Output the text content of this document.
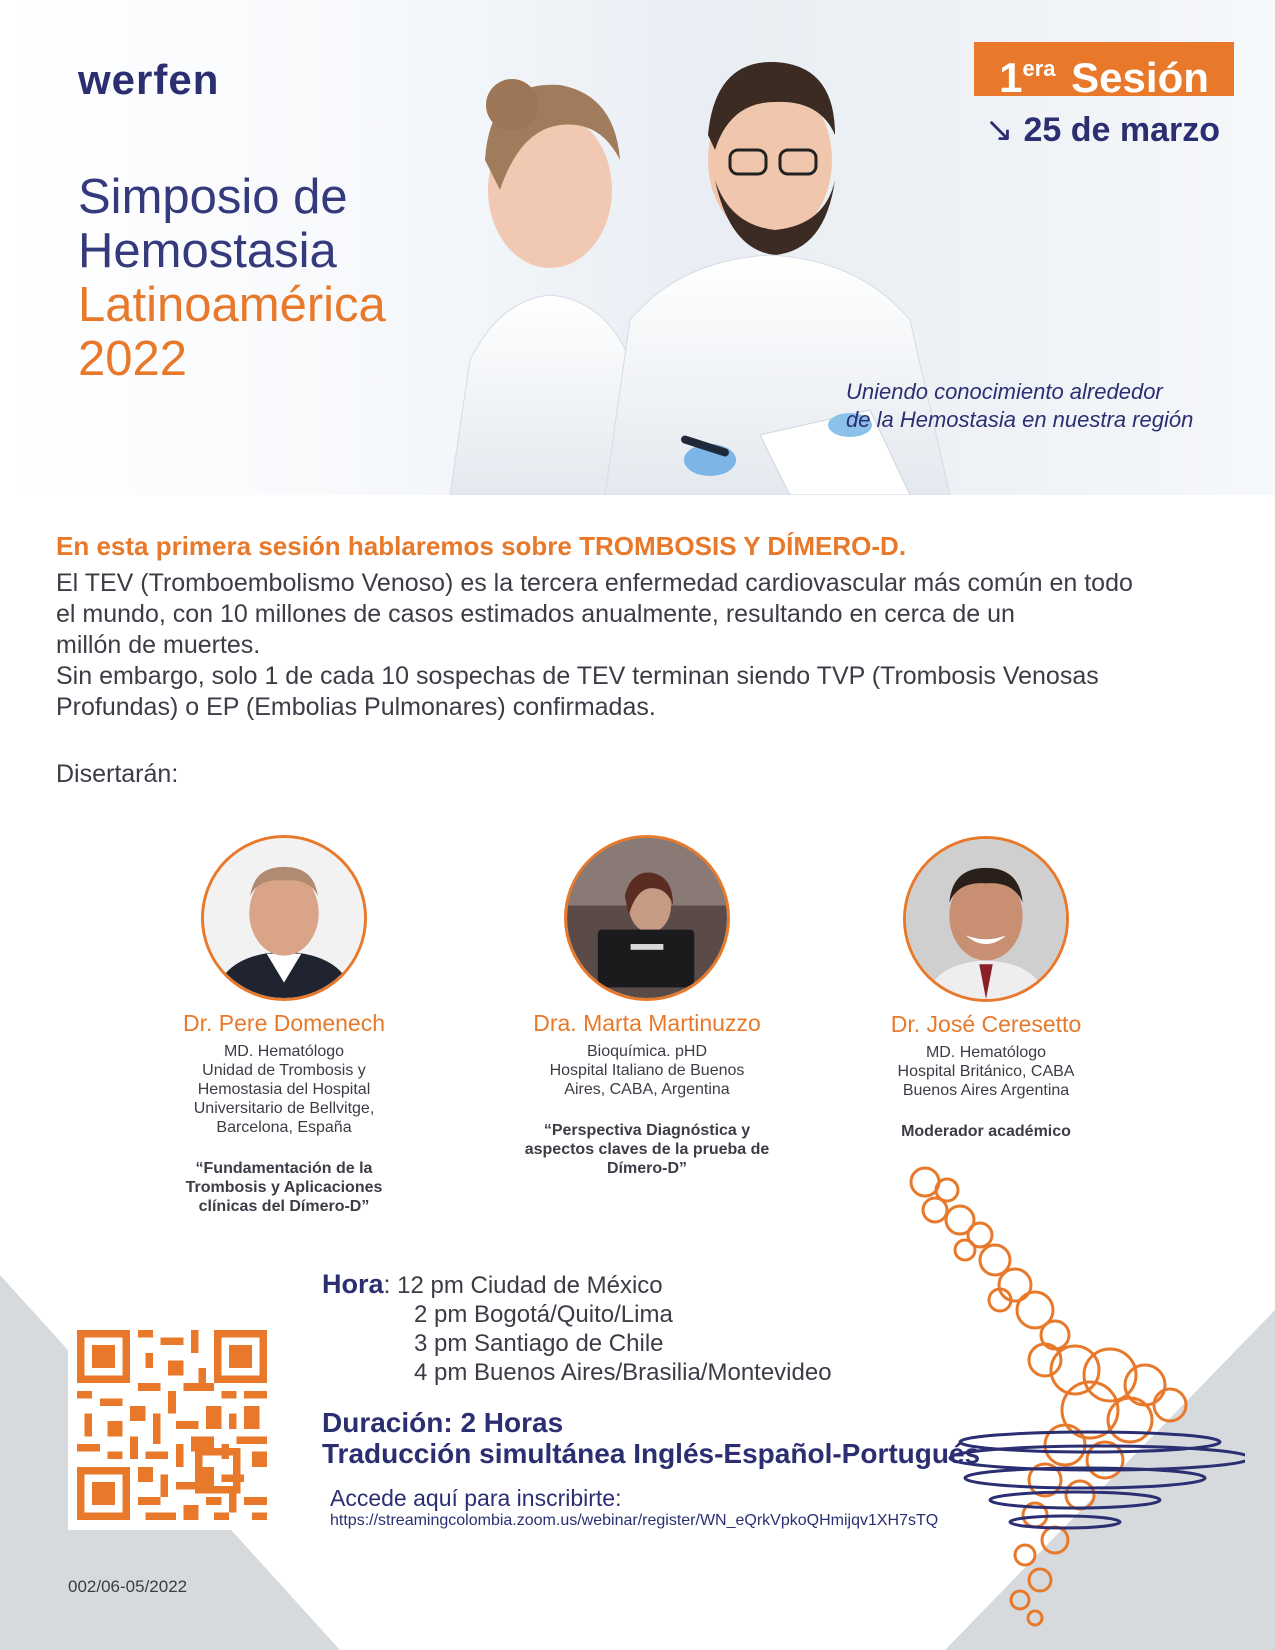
werfen
Simposio de
Hemostasia
Latinoamérica
2022
$1^{era}$ Sesión
↘ 25 de marzo
Uniendo conocimiento alrededor
de la Hemostasia en nuestra región
En esta primera sesión hablaremos sobre TROMBOSIS Y DÍMERO-D.

El TEV (Tromboembolismo Venoso) es la tercera enfermedad cardiovascular más común en todo

el mundo, con 10 millones de casos estimados anualmente, resultando en cerca de un

millón de muertes.

Sin embargo, solo 1 de cada 10 sospechas de TEV terminan siendo TVP (Trombosis Venosas

Profundas) o EP (Embolias Pulmonares) confirmadas.

Disertarán:
Dr. Pere Domenech
MD. Hematólogo
Unidad de Trombosis y
Hemostasia del Hospital
Universitario de Bellvitge,
Barcelona, España
“Fundamentación de la
Trombosis y Aplicaciones
clínicas del Dímero-D”
Dra. Marta Martinuzzo
Bioquímica. pHD
Hospital Italiano de Buenos
Aires, CABA, Argentina
“Perspectiva Diagnóstica y
aspectos claves de la prueba de
Dímero-D”
Dr. José Ceresetto
MD. Hematólogo
Hospital Británico, CABA
Buenos Aires Argentina
Moderador académico
Hora: 12 pm Ciudad de México
2 pm Bogotá/Quito/Lima
3 pm Santiago de Chile
4 pm Buenos Aires/Brasilia/Montevideo
Duración: 2 Horas
Traducción simultánea Inglés-Español-Portugués
Accede aquí para inscribirte:
https://streamingcolombia.zoom.us/webinar/register/WN_eQrkVpkoQHmijqv1XH7sTQ
002/06-05/2022
